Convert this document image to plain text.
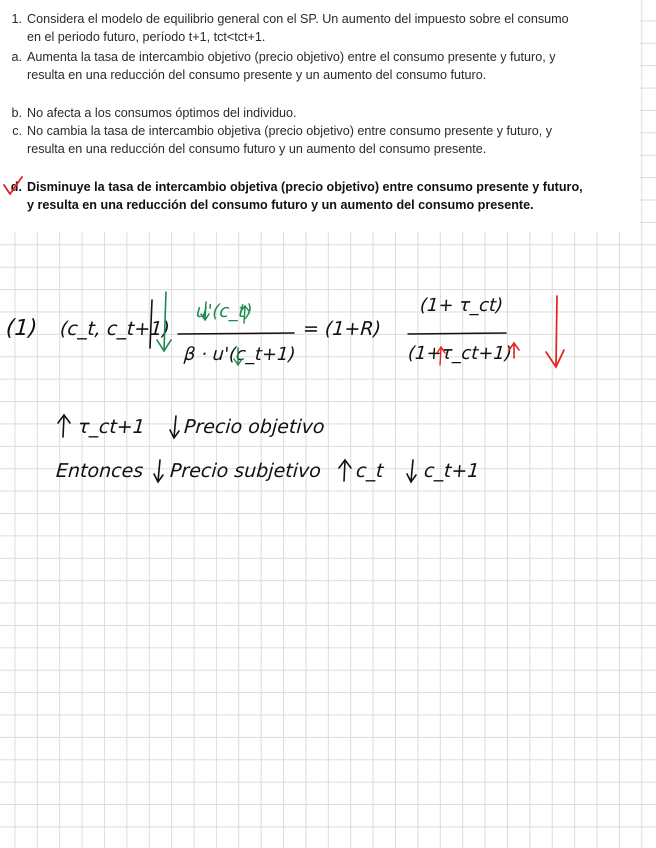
1. Considera el modelo de equilibrio general con el SP. Un aumento del impuesto sobre el consumo en el periodo futuro, período t+1, tct<tct+1.
a. Aumenta la tasa de intercambio objetivo (precio objetivo) entre el consumo presente y futuro, y resulta en una reducción del consumo presente y un aumento del consumo futuro.
b. No afecta a los consumos óptimos del individuo.
c. No cambia la tasa de intercambio objetiva (precio objetivo) entre consumo presente y futuro, y resulta en una reducción del consumo futuro y un aumento del consumo presente.
d. Disminuye la tasa de intercambio objetiva (precio objetivo) entre consumo presente y futuro, y resulta en una reducción del consumo futuro y un aumento del consumo presente.
(1) (c_t, c_t+1)
u'(c_t)
β · u'(c_t+1)
= (1+R)
(1+ τ_ct)
(1+τ_ct+1)
τ_ct+1 Precio objetivo
Entonces Precio subjetivo c_t c_t+1
